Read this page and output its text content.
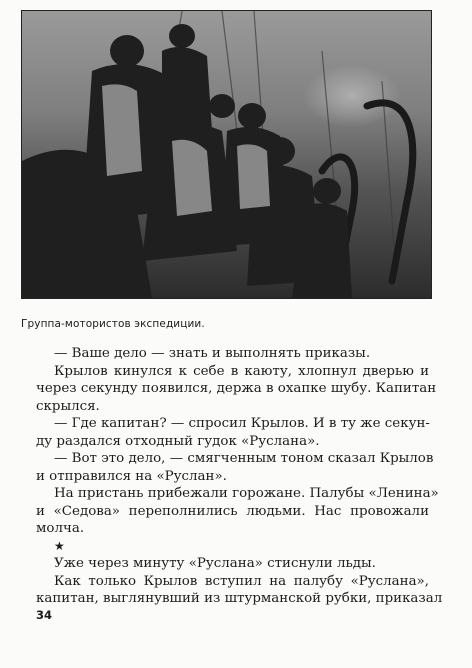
Группа-мотористов экспедиции.
— Ваше дело — знать и выполнять приказы.
Крылов кинулся к себе в каюту, хлопнул дверью и
через секунду появился, держа в охапке шубу. Капитан
скрылся.
— Где капитан? — спросил Крылов. И в ту же секун-
ду раздался отходный гудок «Руслана».
— Вот это дело, — смягченным тоном сказал Крылов
и отправился на «Руслан».
На пристань прибежали горожане. Палубы «Ленина»
и «Седова» переполнились людьми. Нас провожали
молча.
★
Уже через минуту «Руслана» стиснули льды.
Как только Крылов вступил на палубу «Руслана»,
капитан, выглянувший из штурманской рубки, приказал
34
